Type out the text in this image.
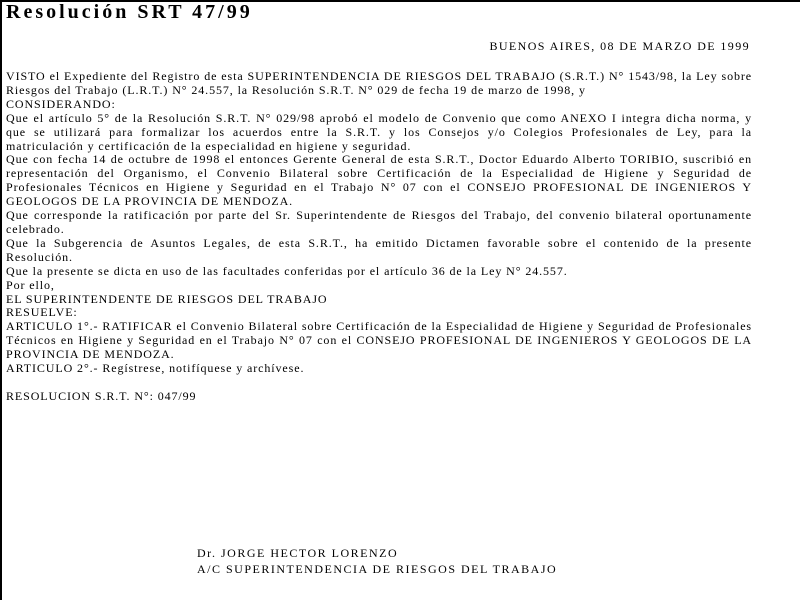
Resolución SRT 47/99
BUENOS AIRES, 08 DE MARZO DE 1999

VISTO el Expediente del Registro de esta SUPERINTENDENCIA DE RIESGOS DEL TRABAJO (S.R.T.) N° 1543/98, la Ley sobre Riesgos del Trabajo (L.R.T.) N° 24.557, la Resolución S.R.T. N° 029 de fecha 19 de marzo de 1998, y

CONSIDERANDO:

Que el artículo 5° de la Resolución S.R.T. N° 029/98 aprobó el modelo de Convenio que como ANEXO I integra dicha norma, y que se utilizará para formalizar los acuerdos entre la S.R.T. y los Consejos y/o Colegios Profesionales de Ley, para la matriculación y certificación de la especialidad en higiene y seguridad.

Que con fecha 14 de octubre de 1998 el entonces Gerente General de esta S.R.T., Doctor Eduardo Alberto TORIBIO, suscribió en representación del Organismo, el Convenio Bilateral sobre Certificación de la Especialidad de Higiene y Seguridad de Profesionales Técnicos en Higiene y Seguridad en el Trabajo N° 07 con el CONSEJO PROFESIONAL DE INGENIEROS Y GEOLOGOS DE LA PROVINCIA DE MENDOZA.

Que corresponde la ratificación por parte del Sr. Superintendente de Riesgos del Trabajo, del convenio bilateral oportunamente celebrado.

Que la Subgerencia de Asuntos Legales, de esta S.R.T., ha emitido Dictamen favorable sobre el contenido de la presente Resolución.

Que la presente se dicta en uso de las facultades conferidas por el artículo 36 de la Ley N° 24.557.

Por ello,

EL SUPERINTENDENTE DE RIESGOS DEL TRABAJO

RESUELVE:

ARTICULO 1°.- RATIFICAR el Convenio Bilateral sobre Certificación de la Especialidad de Higiene y Seguridad de Profesionales Técnicos en Higiene y Seguridad en el Trabajo N° 07 con el CONSEJO PROFESIONAL DE INGENIEROS Y GEOLOGOS DE LA PROVINCIA DE MENDOZA.

ARTICULO 2°.- Regístrese, notifíquese y archívese.

RESOLUCION S.R.T. N°: 047/99

Dr. JORGE HECTOR LORENZO
A/C SUPERINTENDENCIA DE RIESGOS DEL TRABAJO
